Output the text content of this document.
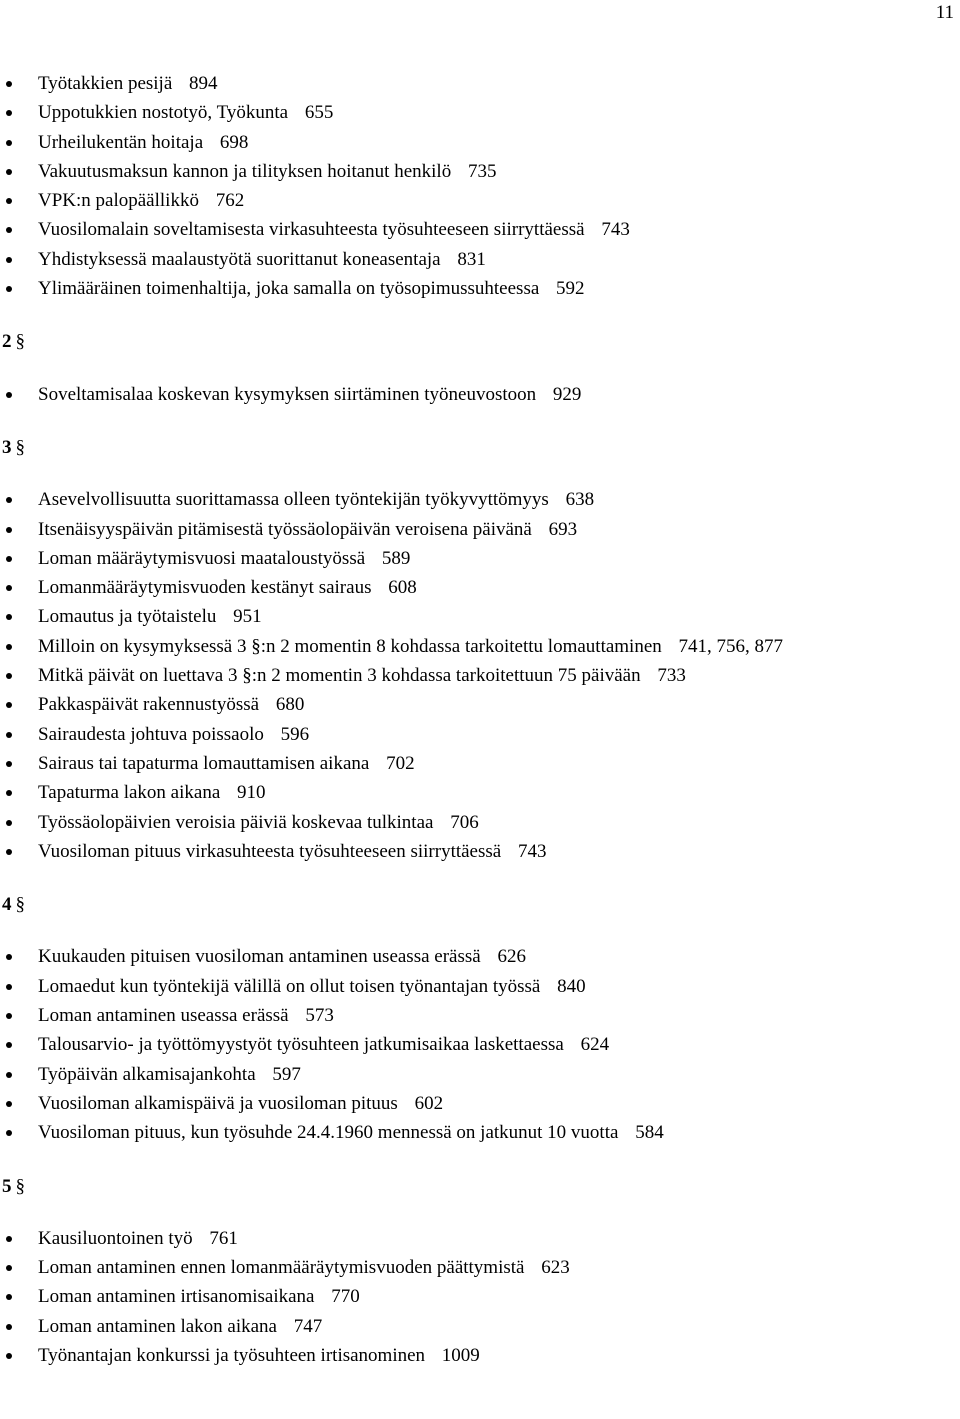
11
Työtakkien pesijä 894
Uppotukkien nostotyö, Työkunta 655
Urheilukentän hoitaja 698
Vakuutusmaksun kannon ja tilityksen hoitanut henkilö 735
VPK:n palopäällikkö 762
Vuosilomalain soveltamisesta virkasuhteesta työsuhteeseen siirryttäessä 743
Yhdistyksessä maalaustyötä suorittanut koneasentaja 831
Ylimääräinen toimenhaltija, joka samalla on työsopimussuhteessa 592
2 §
Soveltamisalaa koskevan kysymyksen siirtäminen työneuvostoon 929
3 §
Asevelvollisuutta suorittamassa olleen työntekijän työkyvyttömyys 638
Itsenäisyyspäivän pitämisestä työssäolopäivän veroisena päivänä 693
Loman määräytymisvuosi maataloustyössä 589
Lomanmääräytymisvuoden kestänyt sairaus 608
Lomautus ja työtaistelu 951
Milloin on kysymyksessä 3 §:n 2 momentin 8 kohdassa tarkoitettu lomauttaminen 741, 756, 877
Mitkä päivät on luettava 3 §:n 2 momentin 3 kohdassa tarkoitettuun 75 päivään 733
Pakkaspäivät rakennustyössä 680
Sairaudesta johtuva poissaolo 596
Sairaus tai tapaturma lomauttamisen aikana 702
Tapaturma lakon aikana 910
Työssäolopäivien veroisia päiviä koskevaa tulkintaa 706
Vuosiloman pituus virkasuhteesta työsuhteeseen siirryttäessä 743
4 §
Kuukauden pituisen vuosiloman antaminen useassa erässä 626
Lomaedut kun työntekijä välillä on ollut toisen työnantajan työssä 840
Loman antaminen useassa erässä 573
Talousarvio- ja työttömyystyöt työsuhteen jatkumisaikaa laskettaessa 624
Työpäivän alkamisajankohta 597
Vuosiloman alkamispäivä ja vuosiloman pituus 602
Vuosiloman pituus, kun työsuhde 24.4.1960 mennessä on jatkunut 10 vuotta 584
5 §
Kausiluontoinen työ 761
Loman antaminen ennen lomanmääräytymisvuoden päättymistä 623
Loman antaminen irtisanomisaikana 770
Loman antaminen lakon aikana 747
Työnantajan konkurssi ja työsuhteen irtisanominen 1009
